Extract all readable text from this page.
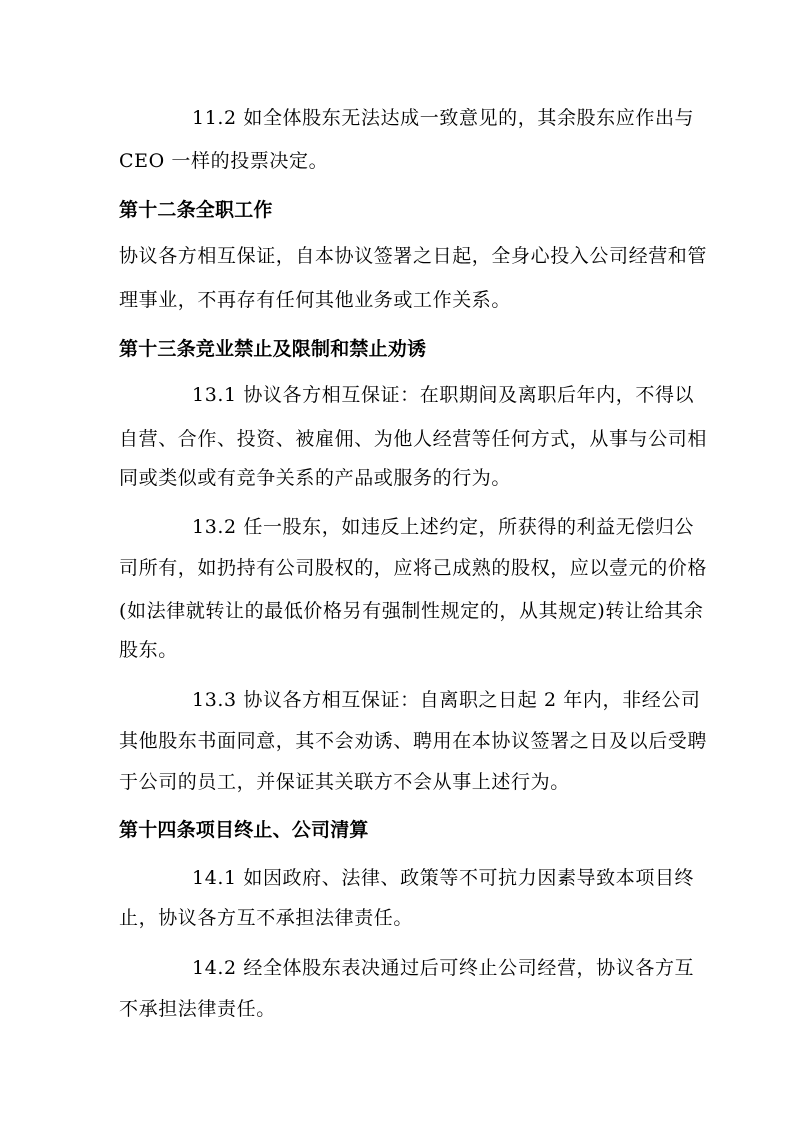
11.2 如全体股东无法达成一致意见的，其余股东应作出与
CEO 一样的投票决定。
第十二条全职工作
协议各方相互保证，自本协议签署之日起，全身心投入公司经营和管
理事业，不再存有任何其他业务或工作关系。
第十三条竞业禁止及限制和禁止劝诱
13.1 协议各方相互保证：在职期间及离职后年内，不得以
自营、合作、投资、被雇佣、为他人经营等任何方式，从事与公司相
同或类似或有竞争关系的产品或服务的行为。
13.2 任一股东，如违反上述约定，所获得的利益无偿归公
司所有，如扔持有公司股权的，应将己成熟的股权，应以壹元的价格
(如法律就转让的最低价格另有强制性规定的，从其规定)转让给其余
股东。
13.3 协议各方相互保证：自离职之日起 2 年内，非经公司
其他股东书面同意，其不会劝诱、聘用在本协议签署之日及以后受聘
于公司的员工，并保证其关联方不会从事上述行为。
第十四条项目终止、公司清算
14.1 如因政府、法律、政策等不可抗力因素导致本项目终
止，协议各方互不承担法律责任。
14.2 经全体股东表决通过后可终止公司经营，协议各方互
不承担法律责任。
